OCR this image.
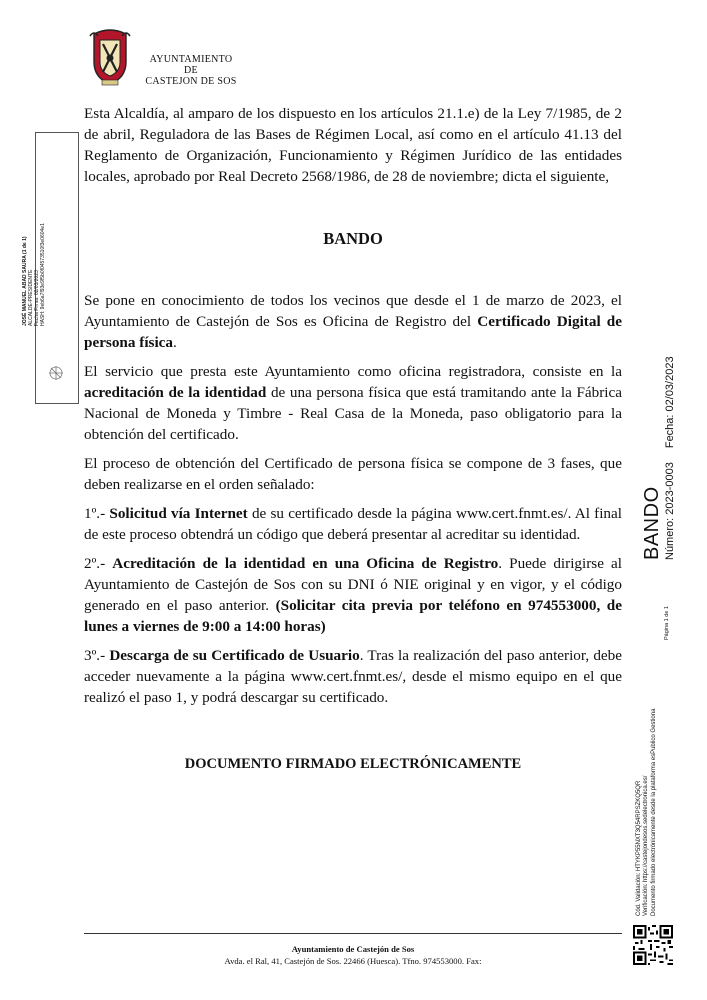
AYUNTAMIENTO
DE
CASTEJON DE SOS
JOSÉ MANUEL ABAD SAURA (1 de 1) ALCALDE-PRESIDENTE Fecha Firma: 02/03/2023 HASH: 9eb6a7f93e9f5b0f04573510f3e0604e1

Esta Alcaldía, al amparo de los dispuesto en los artículos 21.1.e) de la Ley 7/1985, de 2 de abril, Reguladora de las Bases de Régimen Local, así como en el artículo 41.13 del Reglamento de Organización, Funcionamiento y Régimen Jurídico de las entidades locales, aprobado por Real Decreto 2568/1986, de 28 de noviembre; dicta el siguiente,

BANDO

Se pone en conocimiento de todos los vecinos que desde el 1 de marzo de 2023, el Ayuntamiento de Castejón de Sos es Oficina de Registro del Certificado Digital de persona física.

El servicio que presta este Ayuntamiento como oficina registradora, consiste en la acreditación de la identidad de una persona física que está tramitando ante la Fábrica Nacional de Moneda y Timbre - Real Casa de la Moneda, paso obligatorio para la obtención del certificado.

El proceso de obtención del Certificado de persona física se compone de 3 fases, que deben realizarse en el orden señalado:

1º.- Solicitud vía Internet de su certificado desde la página www.cert.fnmt.es/. Al final de este proceso obtendrá un código que deberá presentar al acreditar su identidad.

2º.- Acreditación de la identidad en una Oficina de Registro. Puede dirigirse al Ayuntamiento de Castejón de Sos con su DNI ó NIE original y en vigor, y el código generado en el paso anterior. (Solicitar cita previa por teléfono en 974553000, de lunes a viernes de 9:00 a 14:00 horas)

3º.- Descarga de su Certificado de Usuario. Tras la realización del paso anterior, debe acceder nuevamente a la página www.cert.fnmt.es/, desde el mismo equipo en el que realizó el paso 1, y podrá descargar su certificado.

DOCUMENTO FIRMADO ELECTRÓNICAMENTE
Ayuntamiento de Castejón de Sos
Avda. el Ral, 41, Castejón de Sos. 22466 (Huesca). Tfno. 974553000. Fax:
BANDO Número: 2023-0003Fecha: 02/03/2023
Página 1 de 1
Cód. Validación: HTYKP55NXT3Q54RPSZKQ5QR Verificación: https://castejondesos.sedelectronica.es/ Documento firmado electrónicamente desde la plataforma esPublico Gestiona
